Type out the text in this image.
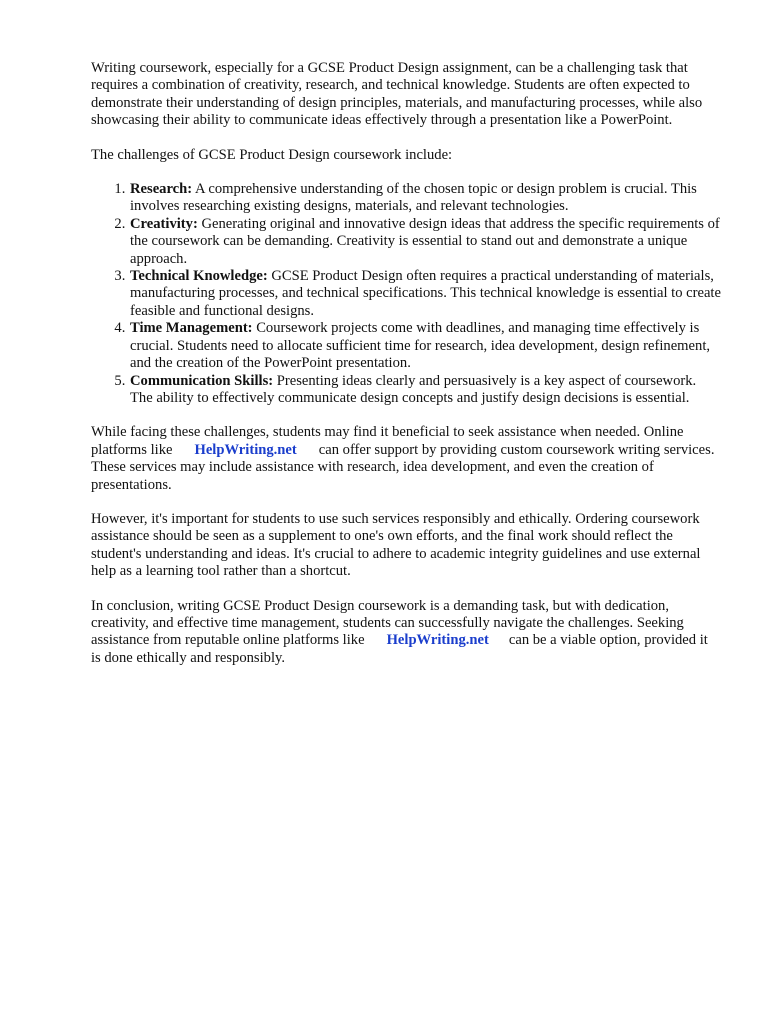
Writing coursework, especially for a GCSE Product Design assignment, can be a challenging task that requires a combination of creativity, research, and technical knowledge. Students are often expected to demonstrate their understanding of design principles, materials, and manufacturing processes, while also showcasing their ability to communicate ideas effectively through a presentation like a PowerPoint.

The challenges of GCSE Product Design coursework include:

1. Research: A comprehensive understanding of the chosen topic or design problem is crucial. This involves researching existing designs, materials, and relevant technologies.
2. Creativity: Generating original and innovative design ideas that address the specific requirements of the coursework can be demanding. Creativity is essential to stand out and demonstrate a unique approach.
3. Technical Knowledge: GCSE Product Design often requires a practical understanding of materials, manufacturing processes, and technical specifications. This technical knowledge is essential to create feasible and functional designs.
4. Time Management: Coursework projects come with deadlines, and managing time effectively is crucial. Students need to allocate sufficient time for research, idea development, design refinement, and the creation of the PowerPoint presentation.
5. Communication Skills: Presenting ideas clearly and persuasively is a key aspect of coursework. The ability to effectively communicate design concepts and justify design decisions is essential.

While facing these challenges, students may find it beneficial to seek assistance when needed. Online platforms like HelpWriting.net can offer support by providing custom coursework writing services. These services may include assistance with research, idea development, and even the creation of presentations.

However, it's important for students to use such services responsibly and ethically. Ordering coursework assistance should be seen as a supplement to one's own efforts, and the final work should reflect the student's understanding and ideas. It's crucial to adhere to academic integrity guidelines and use external help as a learning tool rather than a shortcut.

In conclusion, writing GCSE Product Design coursework is a demanding task, but with dedication, creativity, and effective time management, students can successfully navigate the challenges. Seeking assistance from reputable online platforms like HelpWriting.net can be a viable option, provided it is done ethically and responsibly.
